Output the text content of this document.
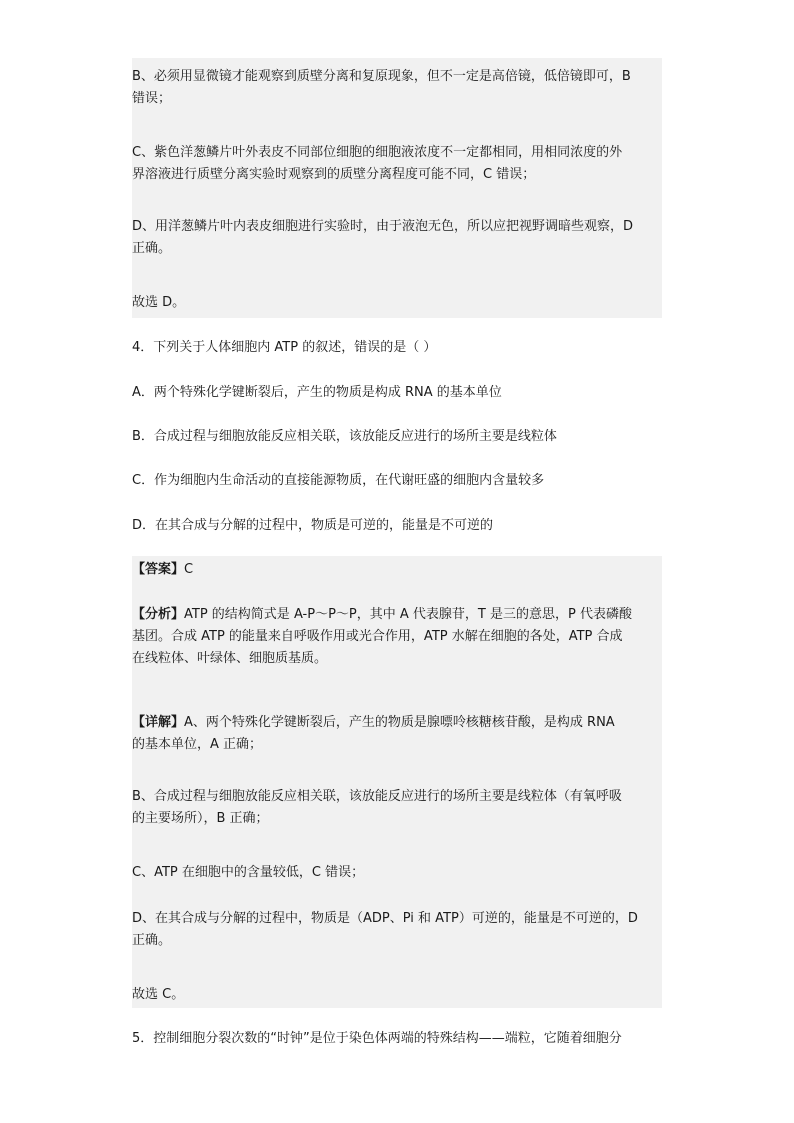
B、必须用显微镜才能观察到质壁分离和复原现象，但不一定是高倍镜，低倍镜即可，B
错误；
C、紫色洋葱鳞片叶外表皮不同部位细胞的细胞液浓度不一定都相同，用相同浓度的外
界溶液进行质壁分离实验时观察到的质壁分离程度可能不同，C 错误；
D、用洋葱鳞片叶内表皮细胞进行实验时，由于液泡无色，所以应把视野调暗些观察，D
正确。
故选 D。
4．下列关于人体细胞内 ATP 的叙述，错误的是（ ）
A．两个特殊化学键断裂后，产生的物质是构成 RNA 的基本单位
B．合成过程与细胞放能反应相关联，该放能反应进行的场所主要是线粒体
C．作为细胞内生命活动的直接能源物质，在代谢旺盛的细胞内含量较多
D．在其合成与分解的过程中，物质是可逆的，能量是不可逆的
【答案】C
【分析】ATP 的结构简式是 A-P～P～P，其中 A 代表腺苷，T 是三的意思，P 代表磷酸
基团。合成 ATP 的能量来自呼吸作用或光合作用，ATP 水解在细胞的各处，ATP 合成
在线粒体、叶绿体、细胞质基质。
【详解】A、两个特殊化学键断裂后，产生的物质是腺嘌呤核糖核苷酸，是构成 RNA
的基本单位，A 正确；
B、合成过程与细胞放能反应相关联，该放能反应进行的场所主要是线粒体（有氧呼吸
的主要场所），B 正确；
C、ATP 在细胞中的含量较低，C 错误；
D、在其合成与分解的过程中，物质是（ADP、Pi 和 ATP）可逆的，能量是不可逆的，D
正确。
故选 C。
5．控制细胞分裂次数的“时钟”是位于染色体两端的特殊结构——端粒，它随着细胞分
